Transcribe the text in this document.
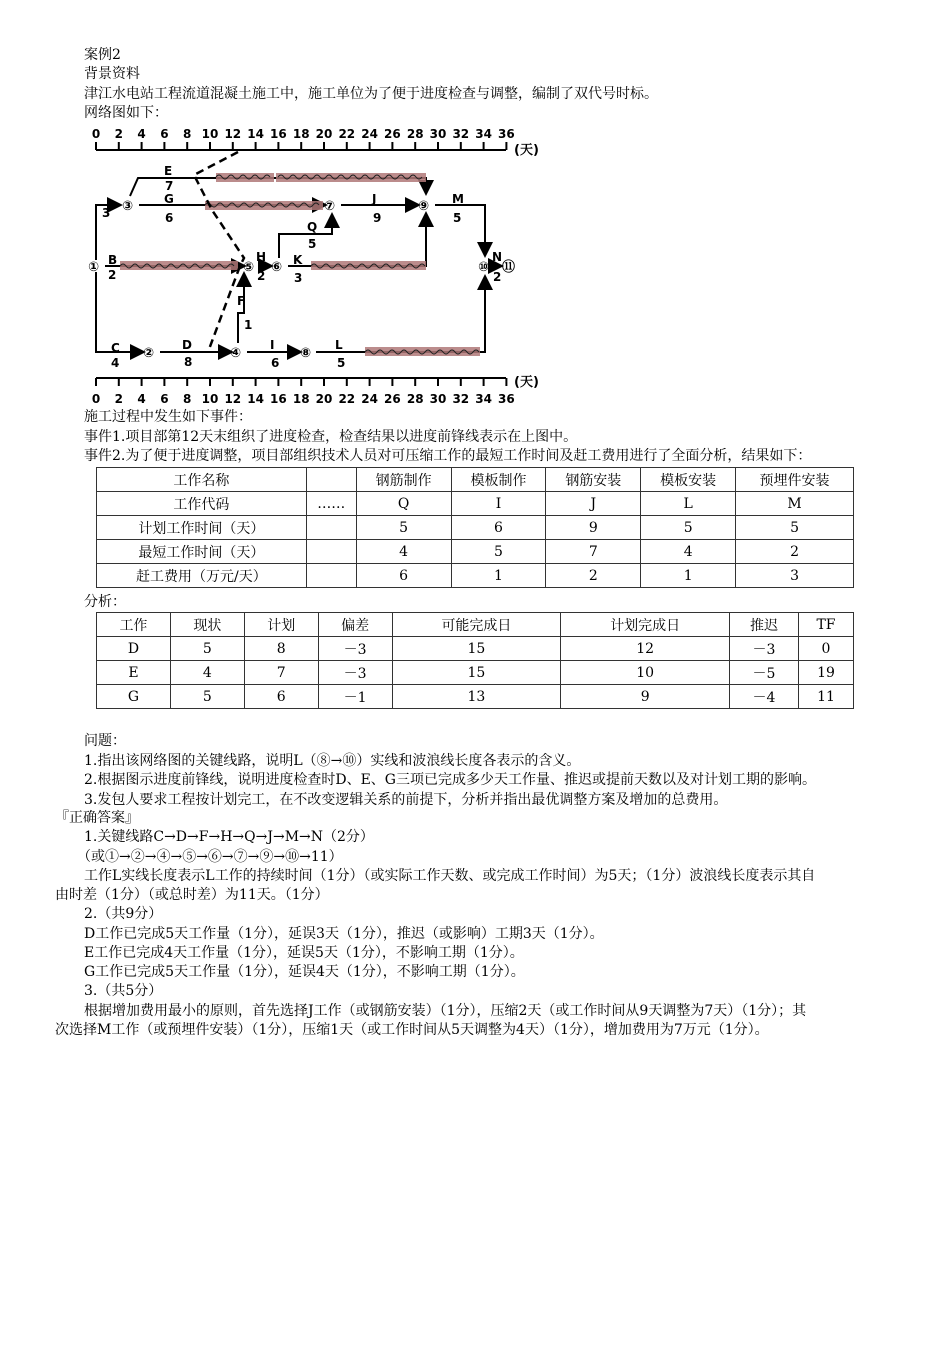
案例2
背景资料
津江水电站工程流道混凝土施工中，施工单位为了便于进度检查与调整，编制了双代号时标。
网络图如下：
0 2 4 6 8 10 12 14 16 18 20 22 24 26 28 30 32 34 36
(天)
0 2 4 6 8 10 12 14 16 18 20 22 24 26 28 30 32 34 36
(天)
①
②
③
④
⑤ ⑥
⑦
⑧
⑨
⑩ ⑪
E
7
G
6
J
9
M
5
Q
5
B
2
H
2
K
3
N
2
F
1
C
4
D
8
I
6
L
5
3
施工过程中发生如下事件：
事件1.项目部第12天末组织了进度检查，检查结果以进度前锋线表示在上图中。
事件2.为了便于进度调整，项目部组织技术人员对可压缩工作的最短工作时间及赶工费用进行了全面分析，结果如下：
工作名称		钢筋制作	模板制作	钢筋安装	模板安装	预埋件安装
工作代码	……	Q	I	J	L	M
计划工作时间（天）		5	6	9	5	5
最短工作时间（天）		4	5	7	4	2
赶工费用（万元/天）		6	1	2	1	3
分析：
工作	现状	计划	偏差	可能完成日	计划完成日	推迟	TF
D	5	8	－3	15	12	－3	0
E	4	7	－3	15	10	－5	19
G	5	6	－1	13	9	－4	11
问题：
1.指出该网络图的关键线路，说明L（⑧→⑩）实线和波浪线长度各表示的含义。
2.根据图示进度前锋线，说明进度检查时D、E、G三项已完成多少天工作量、推迟或提前天数以及对计划工期的影响。
3.发包人要求工程按计划完工，在不改变逻辑关系的前提下，分析并指出最优调整方案及增加的总费用。
『正确答案』
1.关键线路C→D→F→H→Q→J→M→N（2分）
（或①→②→④→⑤→⑥→⑦→⑨→⑩→11）
工作L实线长度表示L工作的持续时间（1分）（或实际工作天数、或完成工作时间）为5天；（1分）波浪线长度表示其自
由时差（1分）（或总时差）为11天。（1分）
2.（共9分）
D工作已完成5天工作量（1分），延误3天（1分），推迟（或影响）工期3天（1分）。
E工作已完成4天工作量（1分），延误5天（1分），不影响工期（1分）。
G工作已完成5天工作量（1分），延误4天（1分），不影响工期（1分）。
3.（共5分）
根据增加费用最小的原则，首先选择J工作（或钢筋安装）（1分），压缩2天（或工作时间从9天调整为7天）（1分）；其
次选择M工作（或预埋件安装）（1分），压缩1天（或工作时间从5天调整为4天）（1分），增加费用为7万元（1分）。
